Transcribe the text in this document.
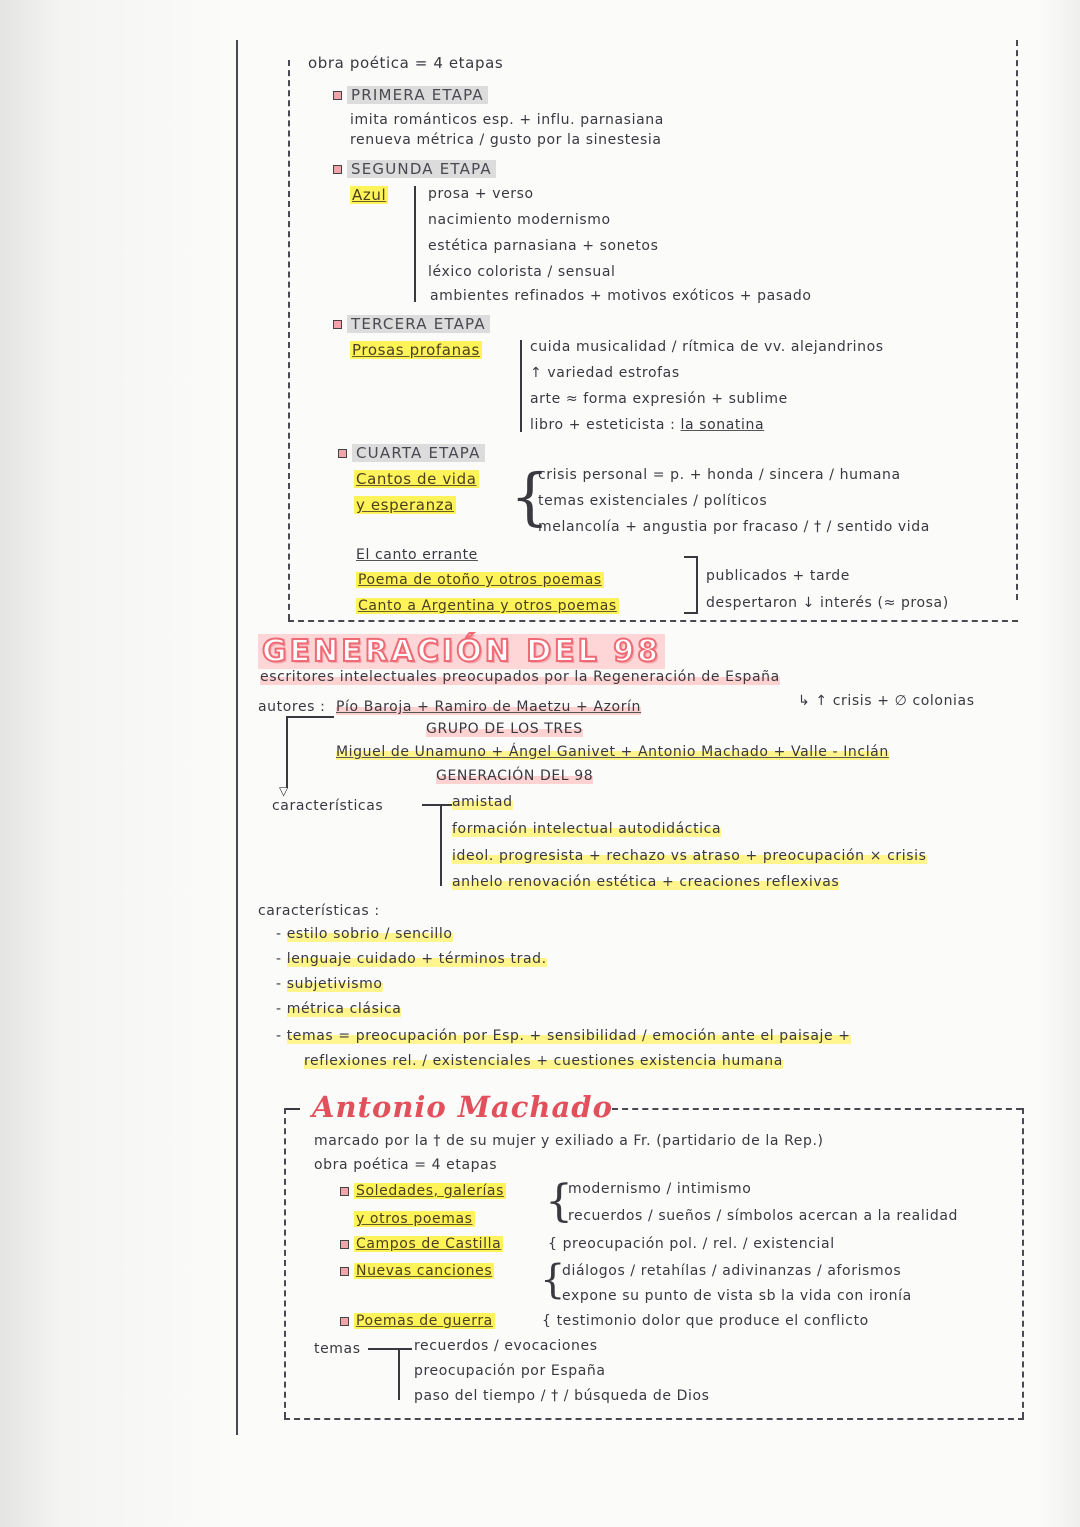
obra poética = 4 etapas
PRIMERA ETAPA
imita románticos esp. + influ. parnasiana
renueva métrica / gusto por la sinestesia
SEGUNDA ETAPA
Azul	prosa + verso
nacimiento modernismo
estética parnasiana + sonetos
léxico colorista / sensual
ambientes refinados + motivos exóticos + pasado
TERCERA ETAPA
Prosas profanas	cuida musicalidad / rítmica de vv. alejandrinos
↑ variedad estrofas
arte ≈ forma expresión + sublime
libro + esteticista : la sonatina
CUARTA ETAPA
Cantos de vida
y esperanza {
crisis personal = p. + honda / sincera / humana
temas existenciales / políticos
melancolía + angustia por fracaso / † / sentido vida
El canto errante
Poema de otoño y otros poemas
Canto a Argentina y otros poemas
publicados + tarde
despertaron ↓ interés (≈ prosa)
GENERACIÓN DEL 98
escritores intelectuales preocupados por la Regeneración de España
autores : Pío Baroja + Ramiro de Maetzu + Azorín	↳ ↑ crisis + ∅ colonias
GRUPO DE LOS TRES
▽
Miguel de Unamuno + Ángel Ganivet + Antonio Machado + Valle - Inclán
GENERACIÓN DEL 98
características	amistad
formación intelectual autodidáctica
ideol. progresista + rechazo vs atraso + preocupación × crisis
anhelo renovación estética + creaciones reflexivas
características :
- estilo sobrio / sencillo
- lenguaje cuidado + términos trad.
- subjetivismo
- métrica clásica
- temas = preocupación por Esp. + sensibilidad / emoción ante el paisaje +
reflexiones rel. / existenciales + cuestiones existencia humana
Antonio Machado
marcado por la † de su mujer y exiliado a Fr. (partidario de la Rep.)
obra poética = 4 etapas
Soledades, galerías
y otros poemas {
modernismo / intimismo
recuerdos / sueños / símbolos acercan a la realidad
Campos de Castilla	{ preocupación pol. / rel. / existencial
Nuevas canciones {
diálogos / retahílas / adivinanzas / aforismos
expone su punto de vista sb la vida con ironía
Poemas de guerra	{ testimonio dolor que produce el conflicto
temas	recuerdos / evocaciones
preocupación por España
paso del tiempo / † / búsqueda de Dios
